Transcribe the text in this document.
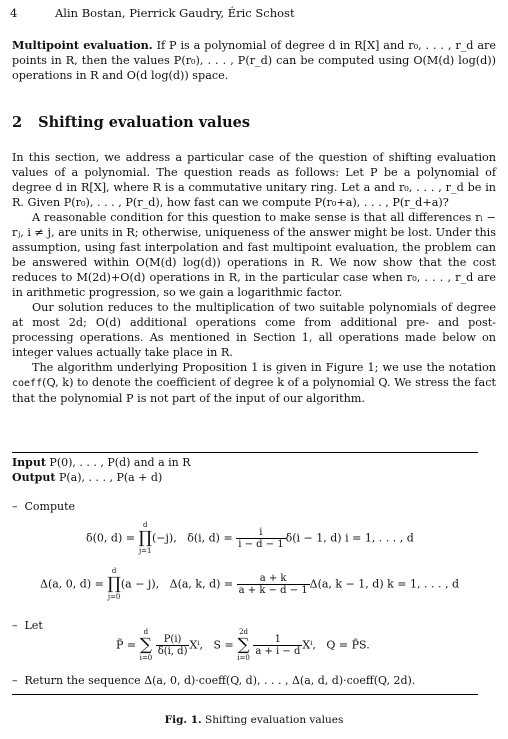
4	Alin Bostan, Pierrick Gaudry, Éric Schost
Multipoint evaluation. If P is a polynomial of degree d in R[X] and r₀, . . . , r_d are points in R, then the values P(r₀), . . . , P(r_d) can be computed using O(M(d) log(d)) operations in R and O(d log(d)) space.
2 Shifting evaluation values
In this section, we address a particular case of the question of shifting evaluation values of a polynomial. The question reads as follows: Let P be a polynomial of degree d in R[X], where R is a commutative unitary ring. Let a and r₀, . . . , r_d be in R. Given P(r₀), . . . , P(r_d), how fast can we compute P(r₀+a), . . . , P(r_d+a)?
A reasonable condition for this question to make sense is that all differences rᵢ − rⱼ, i ≠ j, are units in R; otherwise, uniqueness of the answer might be lost. Under this assumption, using fast interpolation and fast multipoint evaluation, the problem can be answered within O(M(d) log(d)) operations in R. We now show that the cost reduces to M(2d)+O(d) operations in R, in the particular case when r₀, . . . , r_d are in arithmetic progression, so we gain a logarithmic factor.
Our solution reduces to the multiplication of two suitable polynomials of degree at most 2d; O(d) additional operations come from additional pre- and post-processing operations. As mentioned in Section 1, all operations made below on integer values actually take place in R.
The algorithm underlying Proposition 1 is given in Figure 1; we use the notation coeff(Q, k) to denote the coefficient of degree k of a polynomial Q. We stress the fact that the polynomial P is not part of the input of our algorithm.
Input P(0), . . . , P(d) and a in R
Output P(a), . . . , P(a + d)
–  Compute
δ(0, d) = d
∏
j=1(−j), δ(i, $d) = \frac{i}{i - d - 1} \delta(i - 1$, d) i = 1, . . . , d
Δ(a, 0, d) = d
∏
j=0(a − j), Δ(a, k, $d) = \frac{a + k}{a + k - d - 1} \Delta(a$, k − 1, d) k = 1, . . . , d
–  Let
P̃ = d
∑
i=0
$\frac{P(i)}{\delta(i, d)} X^i$, S = 2d
∑
i=0
$\frac{1}{a + i - d} X^i$, Q = P̃S.
–  Return the sequence Δ(a, 0, d)·coeff(Q, d), . . . , Δ(a, d, d)·coeff(Q, 2d).
Fig. 1. Shifting evaluation values
